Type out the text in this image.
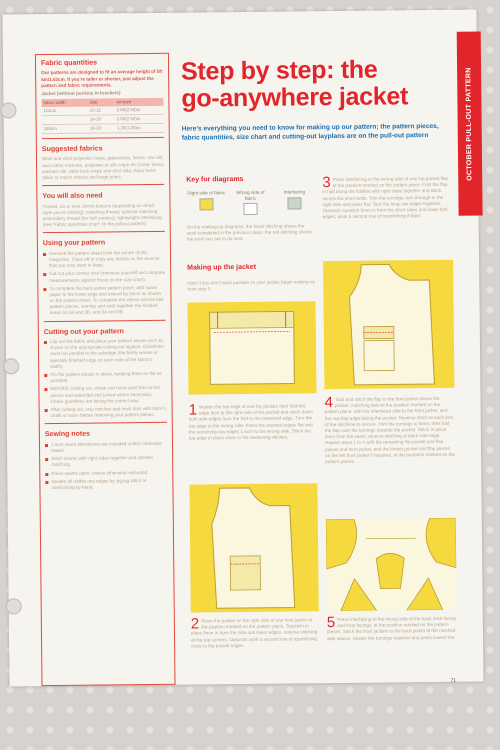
Fabric quantities
Our patterns are designed to fit an average height of 5ft 6in/1.63cm. If you’re taller or shorter, just adjust the pattern and fabric requirements.
Jacket (without pockets in brackets)
fabric width	size	amount
112cm	10-12	2.60(2.50)m
	14-20	2.60(2.50)m
150cm	10-20	1.20(1.20)m
Suggested fabrics
Wool and wool-polyester crepe, gabardines, linens, raw silk and cotton mixtures, polyester or silk crepe de Chine; heavy washed silk; satin-back crepe and shot silks. Allow extra fabric to match checks and large prints.
You will also need
Thread, six or nine 18mm buttons (depending on which style you’re making); matching thread; optional matching embroidery thread (for belt carriers); lightweight interfacing (see ‘Fabric quantities chart’ on the pullout pattern).
Using your pattern
Remove the pattern sheet from the centre of the magazine. Trace off or copy any details on the reverse that you may want to keep.
Cut out your correct size (measure yourself and compare measurements against those on the size chart).
To complete the back jacket pattern piece, add spare paper to the lower edge and extend by 54cm as shown on the pattern sheet. To complete the sleeve and tie belt pattern pieces, overlap and stick together the shaded areas on 3A and 3B, and 9A and 9B.
Cutting out your pattern
Lay out the fabric and place your pattern pieces on it as shown on the appropriate cutting-out layplan. Grainlines must run parallel to the selvedge (the firmly woven or specially finished edge on each side of the fabric’s width).
Pin the pattern pieces in place, keeping them as flat as possible.
BEFORE cutting out, check you have used the correct pieces and extended and joined where necessary. Check grainlines are facing the correct way.
After cutting out, snip notches and mark dots with tailor’s chalk or tacks before removing your pattern pieces.
Sewing notes
1.5cm seam allowances are included unless otherwise stated.
Stitch seams with right sides together and stitches matching.
Press seams open, unless otherwise instructed.
Neaten all visible raw edges by zigzag stitch or overlocking by hand.
OCTOBER PULL-OUT PATTERN
Step by step: the
go-anywhere jacket
Here’s everything you need to know for making up our pattern; the pattern pieces, fabric quantities, size chart and cutting-out layplans are on the pull-out pattern
Key for diagrams
Right side of fabric	Wrong side of fabric
Interfacing
On the making-up diagrams, the black stitching shows the work completed in the previous steps, the red stitching shows the work you are to do next.
Making up the jacket
Note If you don’t want pockets on your jacket, begin making up from step 5.
1 Neaten the top edge of one hip pocket, then fold this edge 3cm to the right side of the pocket and stitch down both side edges from the fold to the neatened edge. Turn the top edge to the wrong side. Press the seamed edges flat and the remaining raw edges 1.5cm to the wrong side. Stitch the top edge in place close to the neatening stitches.
2 Place the pocket on the right side of one front jacket at the position marked on the pattern piece. Topstitch in place 8mm in from the side and lower edges, reverse stitching at the top corners. Optional: work a second row of topstitching close to the pocket edges.
3 Press interfacing to the wrong side of one hip pocket flap at the position marked on the pattern piece. Fold the flap in half along the foldline with right sides together and stitch across the short ends. Trim the turnings, turn through to the right side and press flat. Tack the long raw edges together. Optional: topstitch 8mm in from the short sides and lower fold edges; work a second row of topstitching if liked.
4 Tack and stitch the flap to the front jacket above the pocket, matching dots at the position marked on the pattern piece, with the interfaced side to the front jacket, and the raw flap edge facing the pocket. Reverse stitch at each end of the stitchline to secure. Trim the turnings to 6mm, then fold the flap over the turnings towards the pocket. Stitch in place 6mm from the seam, reverse stitching at each side edge. Repeat steps 1 to 4 with the remaining hip pocket and flap pieces and front jacket, and the breast pocket and flap pieces on the left front jacket if required, at the positions marked on the pattern pieces.
5 Press interfacing to the wrong side of the back neck facing and front facings, at the position marked on the pattern pieces. Stitch the front jackets to the back jacket at the notched side seams, neaten the turnings together and press toward the
71
